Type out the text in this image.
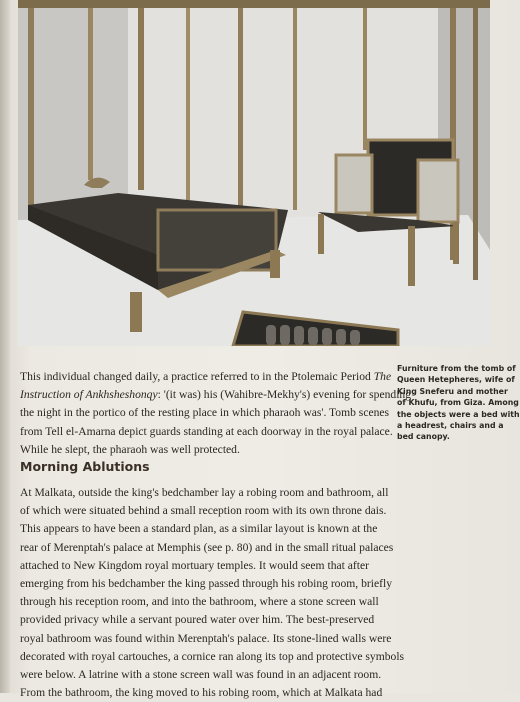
Furniture from the tomb of
Queen Hetepheres, wife of
King Sneferu and mother
of Khufu, from Giza. Among
the objects were a bed with
a headrest, chairs and a
bed canopy.
This individual changed daily, a practice referred to in the Ptolemaic Period The
Instruction of Ankhsheshonqy: '(it was) his (Wahibre-Mekhy's) evening for spending
the night in the portico of the resting place in which pharaoh was'. Tomb scenes
from Tell el-Amarna depict guards standing at each doorway in the royal palace.
While he slept, the pharaoh was well protected.
Morning Ablutions
At Malkata, outside the king's bedchamber lay a robing room and bathroom, all
of which were situated behind a small reception room with its own throne dais.
This appears to have been a standard plan, as a similar layout is known at the
rear of Merenptah's palace at Memphis (see p. 80) and in the small ritual palaces
attached to New Kingdom royal mortuary temples. It would seem that after
emerging from his bedchamber the king passed through his robing room, briefly
through his reception room, and into the bathroom, where a stone screen wall
provided privacy while a servant poured water over him. The best-preserved
royal bathroom was found within Merenptah's palace. Its stone-lined walls were
decorated with royal cartouches, a cornice ran along its top and protective symbols
were below. A latrine with a stone screen wall was found in an adjacent room.
From the bathroom, the king moved to his robing room, which at Malkata had
